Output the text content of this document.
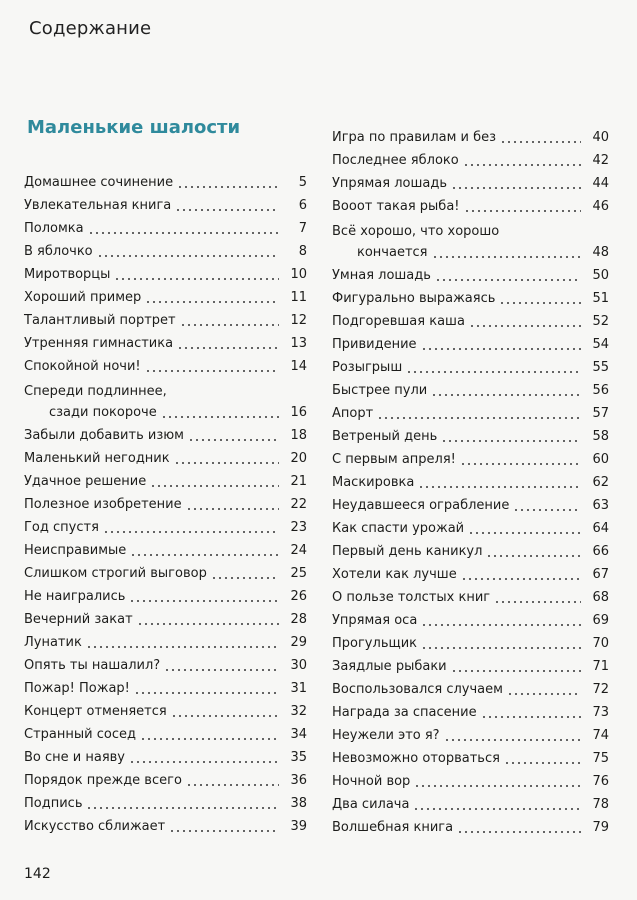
Содержание
Маленькие шалости
Домашнее сочинение	5
Увлекательная книга	6
Поломка	7
В яблочко	8
Миротворцы	10
Хороший пример	11
Талантливый портрет	12
Утренняя гимнастика	13
Спокойной ночи!	14
Спереди подлиннее,
сзади покороче	16
Забыли добавить изюм	18
Маленький негодник	20
Удачное решение	21
Полезное изобретение	22
Год спустя	23
Неисправимые	24
Слишком строгий выговор	25
Не наигрались	26
Вечерний закат	28
Лунатик	29
Опять ты нашалил?	30
Пожар! Пожар!	31
Концерт отменяется	32
Странный сосед	34
Во сне и наяву	35
Порядок прежде всего	36
Подпись	38
Искусство сближает	39
Игра по правилам и без	40
Последнее яблоко	42
Упрямая лошадь	44
Вооот такая рыба!	46
Всё хорошо, что хорошо
кончается	48
Умная лошадь	50
Фигурально выражаясь	51
Подгоревшая каша	52
Привидение	54
Розыгрыш	55
Быстрее пули	56
Апорт	57
Ветреный день	58
С первым апреля!	60
Маскировка	62
Неудавшееся ограбление	63
Как спасти урожай	64
Первый день каникул	66
Хотели как лучше	67
О пользе толстых книг	68
Упрямая оса	69
Прогульщик	70
Заядлые рыбаки	71
Воспользовался случаем	72
Награда за спасение	73
Неужели это я?	74
Невозможно оторваться	75
Ночной вор	76
Два силача	78
Волшебная книга	79
142
